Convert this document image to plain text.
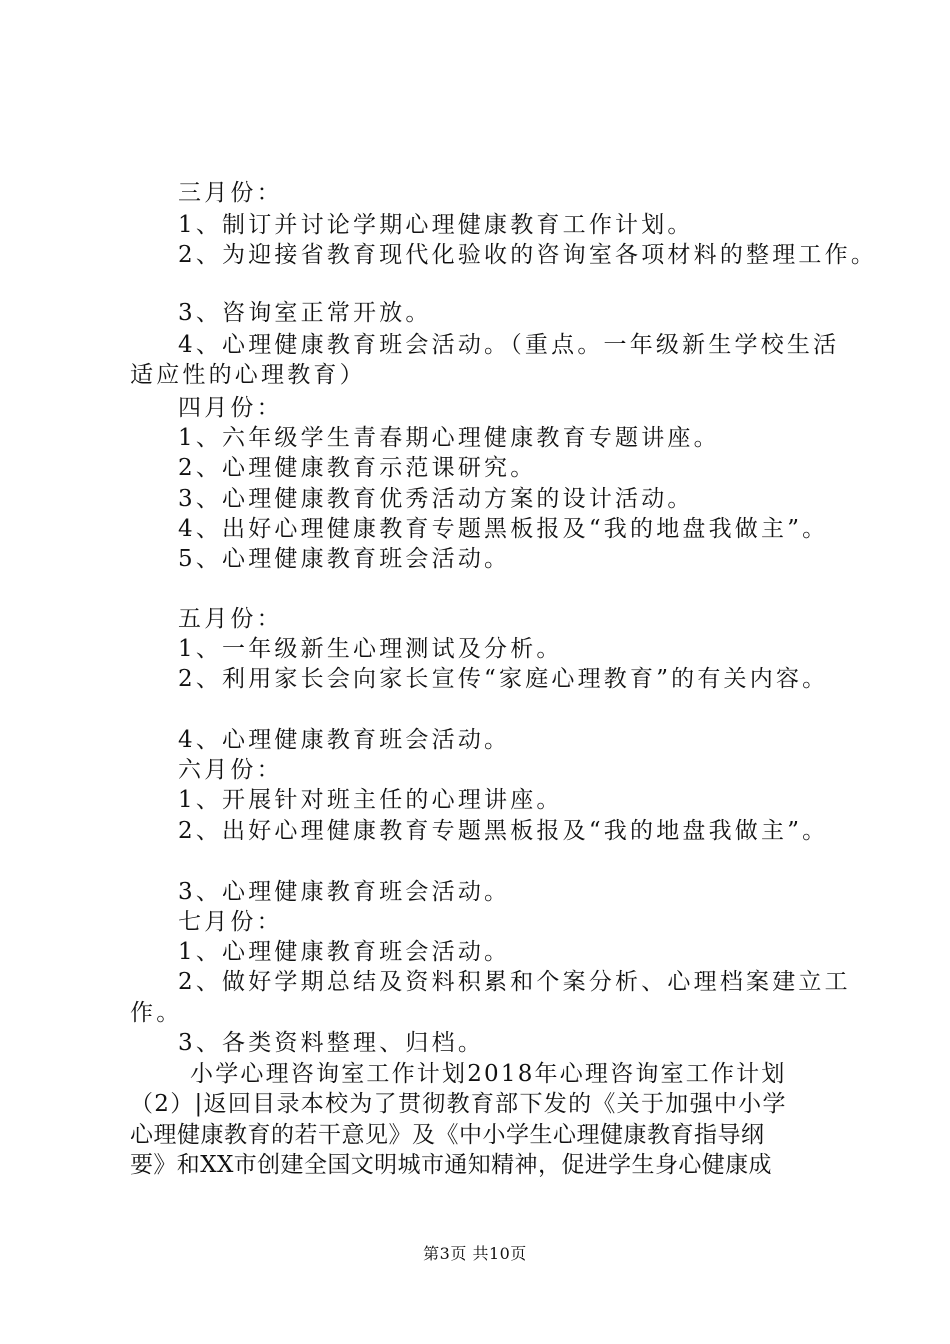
三月份：
1、制订并讨论学期心理健康教育工作计划。
2、为迎接省教育现代化验收的咨询室各项材料的整理工作。
3、咨询室正常开放。
4、心理健康教育班会活动。（重点。一年级新生学校生活
适应性的心理教育）
四月份：
1、六年级学生青春期心理健康教育专题讲座。
2、心理健康教育示范课研究。
3、心理健康教育优秀活动方案的设计活动。
4、出好心理健康教育专题黑板报及“我的地盘我做主”。
5、心理健康教育班会活动。
五月份：
1、一年级新生心理测试及分析。
2、利用家长会向家长宣传“家庭心理教育”的有关内容。
4、心理健康教育班会活动。
六月份：
1、开展针对班主任的心理讲座。
2、出好心理健康教育专题黑板报及“我的地盘我做主”。
3、心理健康教育班会活动。
七月份：
1、心理健康教育班会活动。
2、做好学期总结及资料积累和个案分析、心理档案建立工
作。
3、各类资料整理、归档。
小学心理咨询室工作计划2018年心理咨询室工作计划
（2）|返回目录本校为了贯彻教育部下发的《关于加强中小学
心理健康教育的若干意见》及《中小学生心理健康教育指导纲
要》和XX市创建全国文明城市通知精神，促进学生身心健康成
第3页 共10页
